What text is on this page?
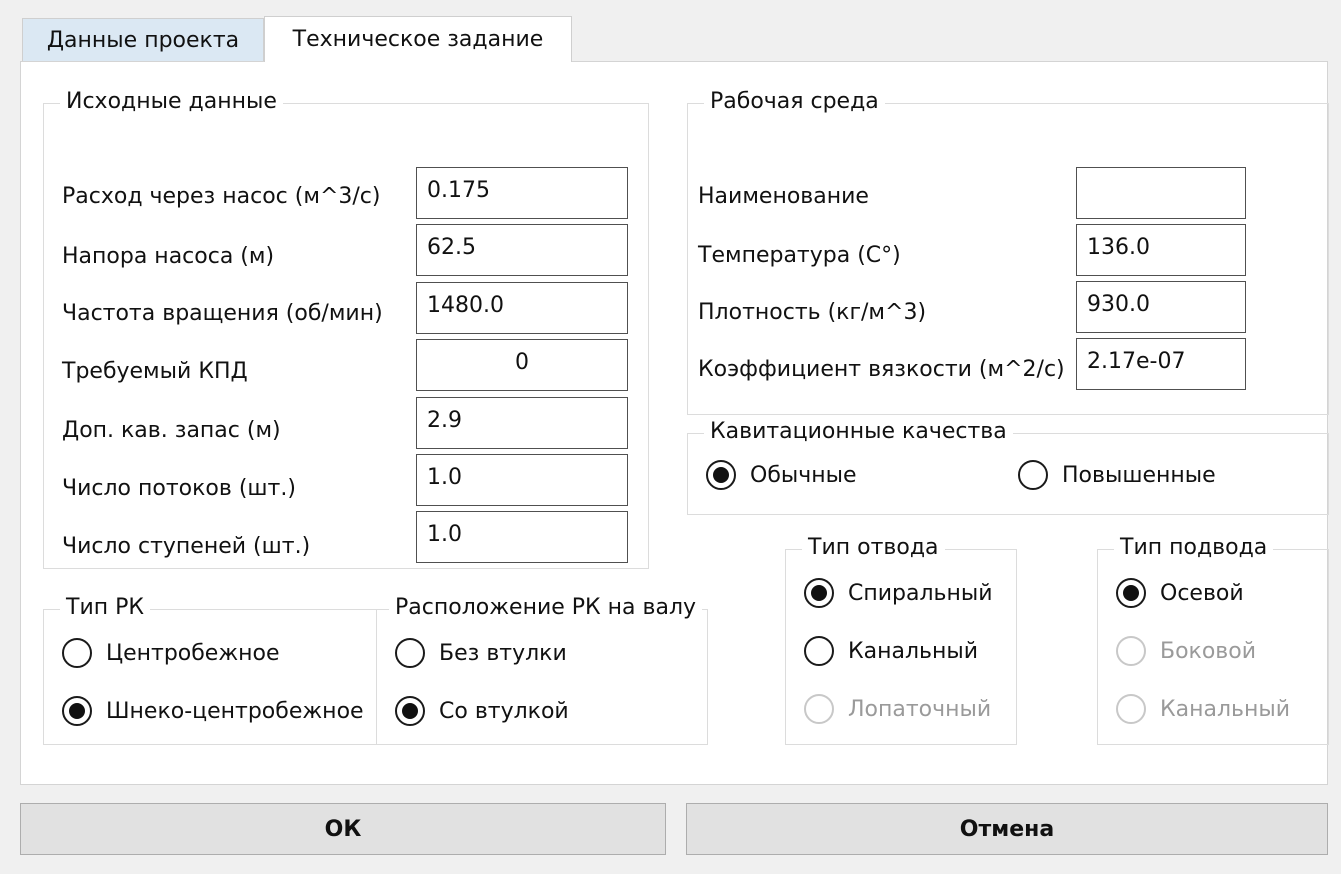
Данные проекта Техническое задание
Исходные данные
Расход через насос (м^3/с)	0.175
Напора насоса (м)	62.5
Частота вращения (об/мин)	1480.0
Требуемый КПД	0
Доп. кав. запас (м)	2.9
Число потоков (шт.)	1.0
Число ступеней (шт.)	1.0
Рабочая среда
Наименование
Температура (С°)	136.0
Плотность (кг/м^3)	930.0
Коэффициент вязкости (м^2/с)	2.17e-07
Кавитационные качества
Обычные	Повышенные
Тип РК
Центробежное
Шнеко-центробежное
Расположение РК на валу
Без втулки
Со втулкой
Тип отвода
Спиральный
Канальный
Лопаточный
Тип подвода
Осевой
Боковой
Канальный
ОК	Отмена
